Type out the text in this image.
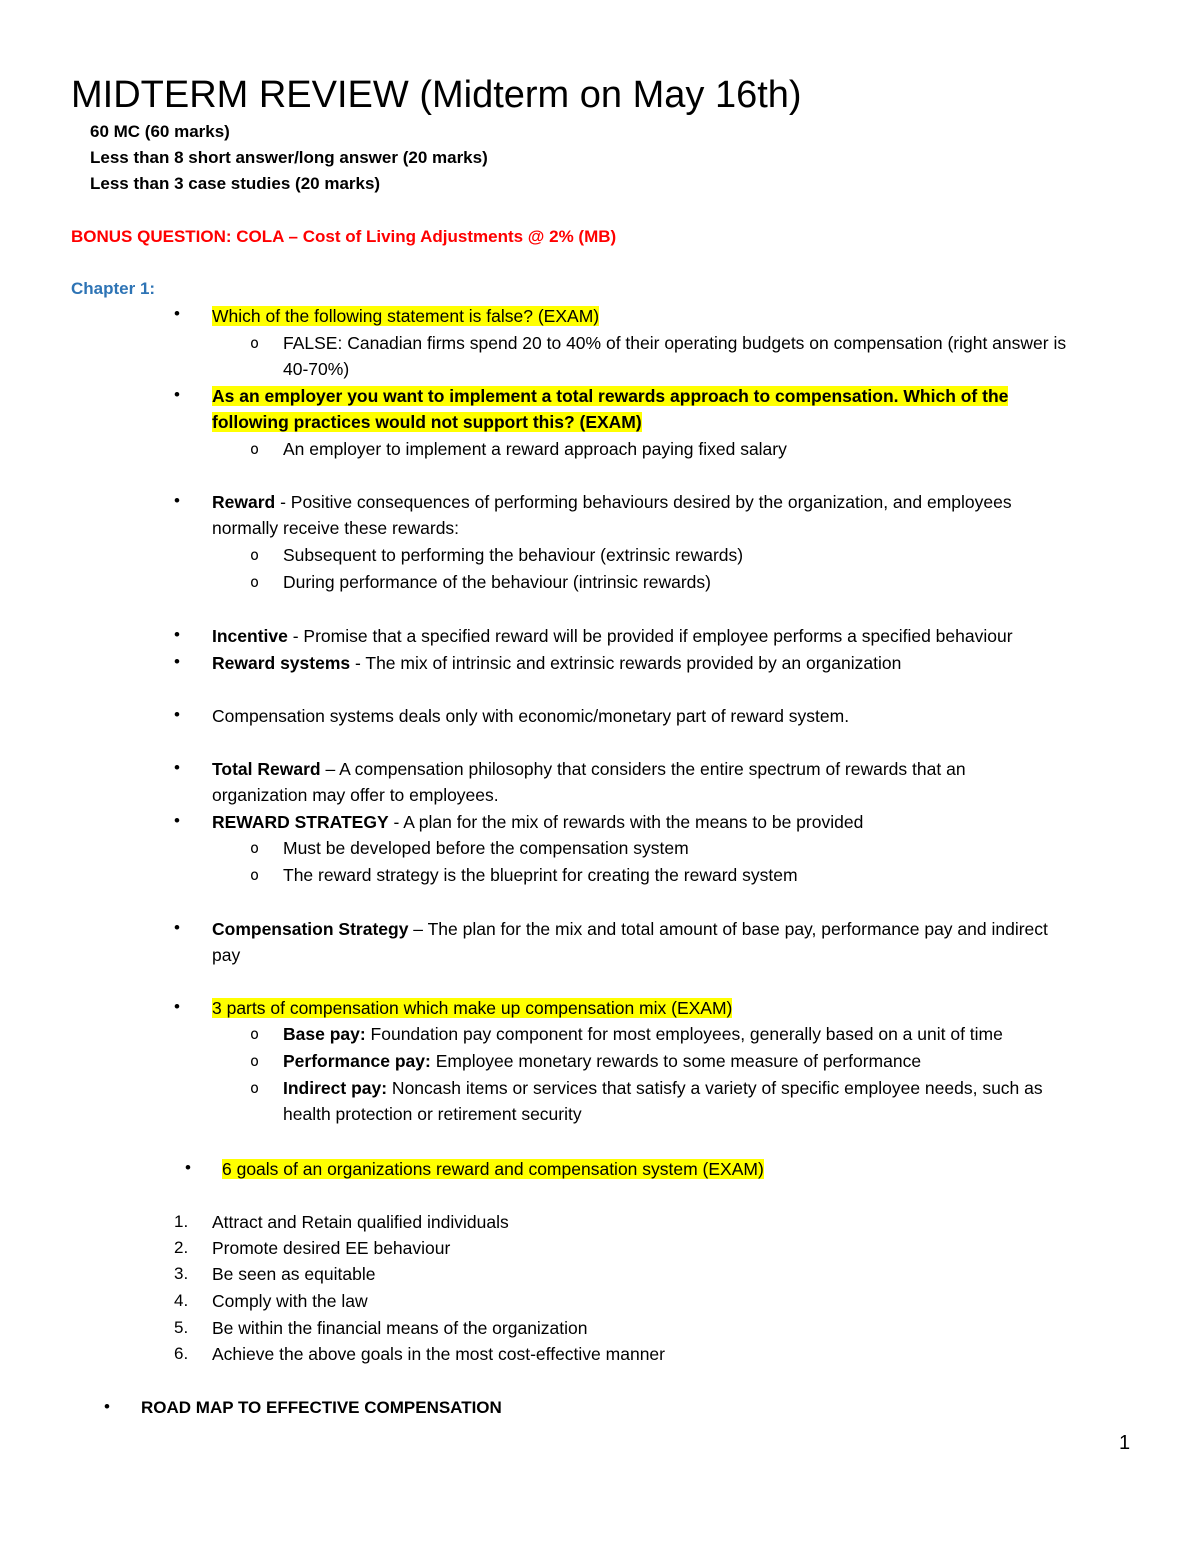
MIDTERM REVIEW (Midterm on May 16th)
60 MC (60 marks)
Less than 8 short answer/long answer (20 marks)
Less than 3 case studies (20 marks)
BONUS QUESTION: COLA – Cost of Living Adjustments @ 2% (MB)
Chapter 1:
• Which of the following statement is false? (EXAM)
o FALSE: Canadian firms spend 20 to 40% of their operating budgets on compensation (right answer is
40-70%)
• As an employer you want to implement a total rewards approach to compensation. Which of the
following practices would not support this? (EXAM)
o An employer to implement a reward approach paying fixed salary
• Reward - Positive consequences of performing behaviours desired by the organization, and employees
normally receive these rewards:
o Subsequent to performing the behaviour (extrinsic rewards)
o During performance of the behaviour (intrinsic rewards)
• Incentive - Promise that a specified reward will be provided if employee performs a specified behaviour
• Reward systems - The mix of intrinsic and extrinsic rewards provided by an organization
• Compensation systems deals only with economic/monetary part of reward system.
• Total Reward – A compensation philosophy that considers the entire spectrum of rewards that an
organization may offer to employees.
• REWARD STRATEGY - A plan for the mix of rewards with the means to be provided
o Must be developed before the compensation system
o The reward strategy is the blueprint for creating the reward system
• Compensation Strategy – The plan for the mix and total amount of base pay, performance pay and indirect
pay
• 3 parts of compensation which make up compensation mix (EXAM)
o Base pay: Foundation pay component for most employees, generally based on a unit of time
o Performance pay: Employee monetary rewards to some measure of performance
o Indirect pay: Noncash items or services that satisfy a variety of specific employee needs, such as
health protection or retirement security
• 6 goals of an organizations reward and compensation system (EXAM)
1. Attract and Retain qualified individuals
2. Promote desired EE behaviour
3. Be seen as equitable
4. Comply with the law
5. Be within the financial means of the organization
6. Achieve the above goals in the most cost-effective manner
• ROAD MAP TO EFFECTIVE COMPENSATION
1
